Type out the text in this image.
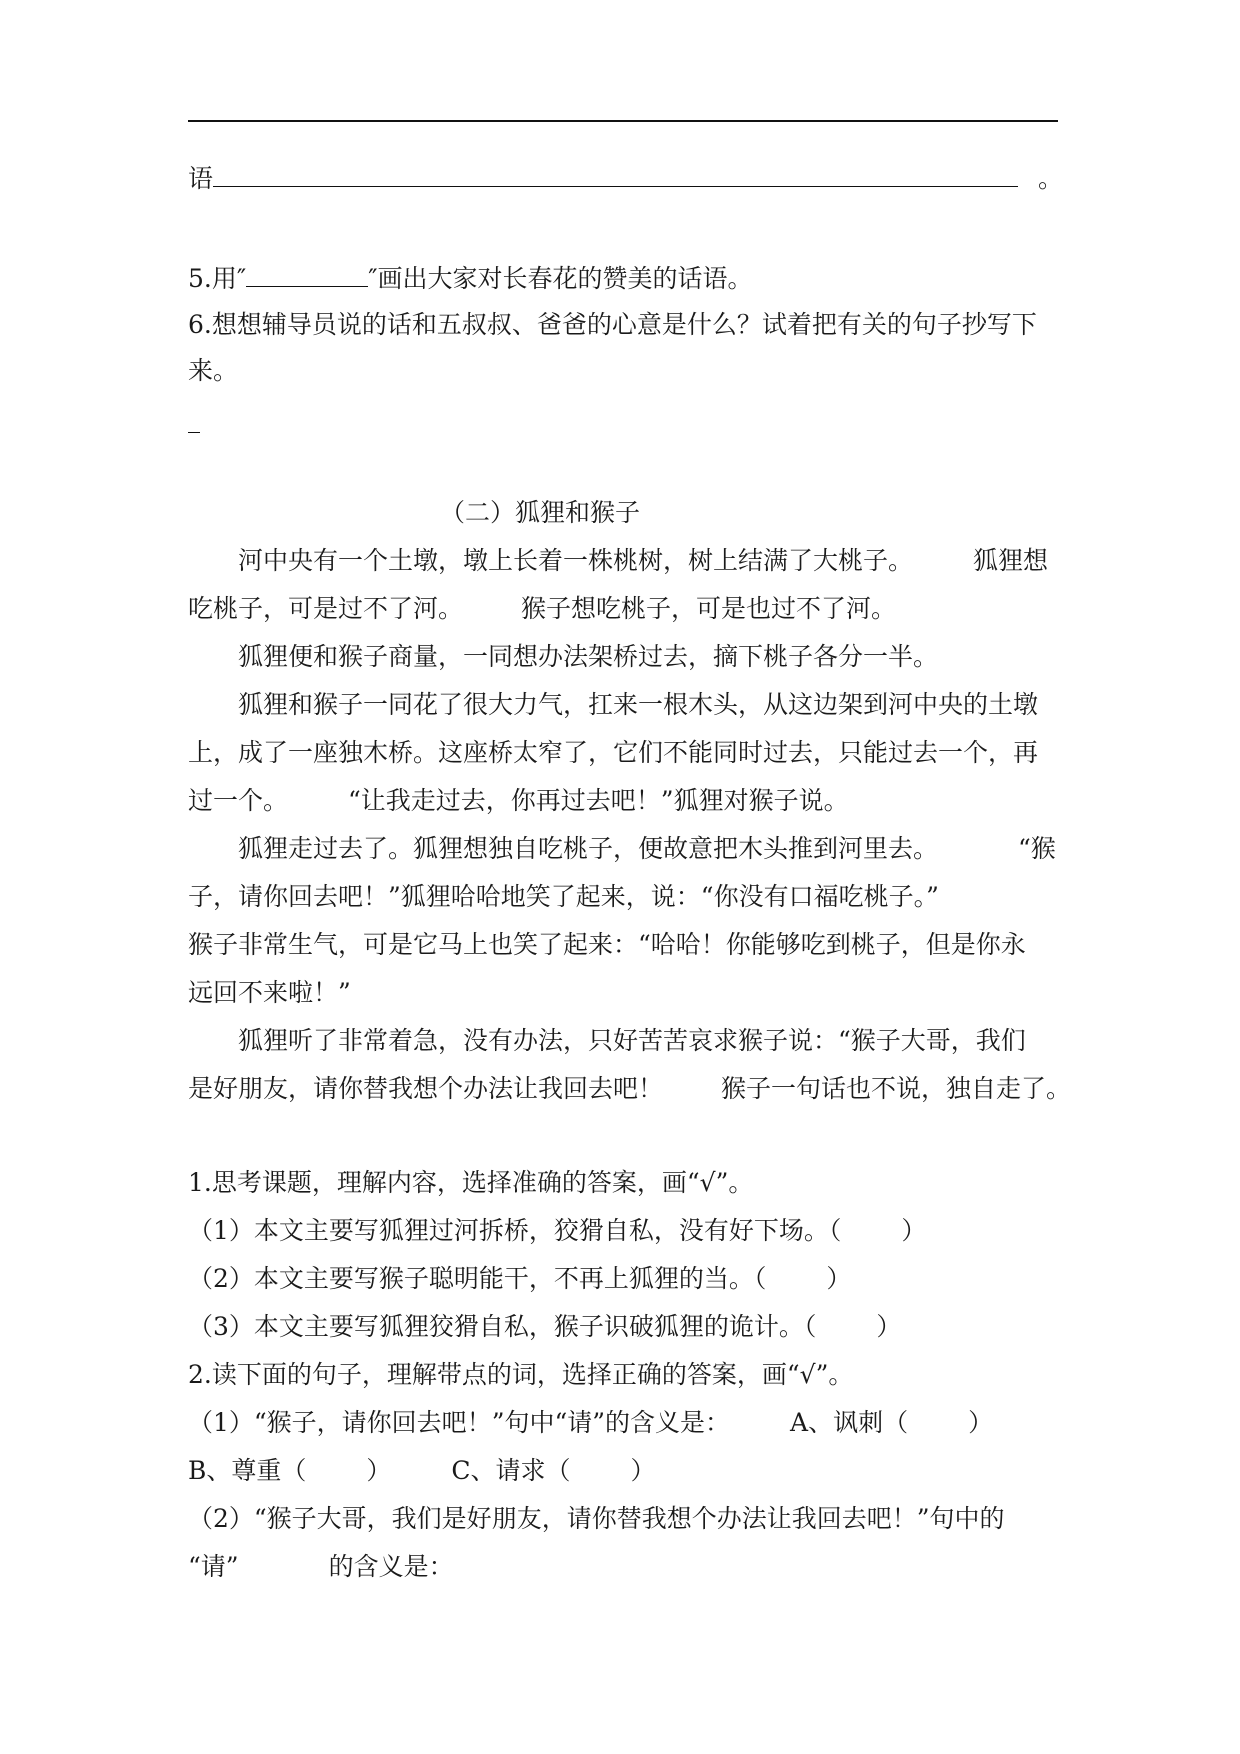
语	。
5.用″	″画出大家对长春花的赞美的话语。
6.想想辅导员说的话和五叔叔、爸爸的心意是什么？试着把有关的句子抄写下
来。
（二）狐狸和猴子
河中央有一个土墩，墩上长着一株桃树，树上结满了大桃子。 狐狸想
吃桃子，可是过不了河。 猴子想吃桃子，可是也过不了河。
狐狸便和猴子商量，一同想办法架桥过去，摘下桃子各分一半。
狐狸和猴子一同花了很大力气，扛来一根木头，从这边架到河中央的土墩
上，成了一座独木桥。这座桥太窄了，它们不能同时过去，只能过去一个，再
过一个。 “让我走过去，你再过去吧！”狐狸对猴子说。
狐狸走过去了。狐狸想独自吃桃子，便故意把木头推到河里去。	“猴
子，请你回去吧！”狐狸哈哈地笑了起来，说：“你没有口福吃桃子。”
猴子非常生气，可是它马上也笑了起来：“哈哈！你能够吃到桃子，但是你永
远回不来啦！”
狐狸听了非常着急，没有办法，只好苦苦哀求猴子说：“猴子大哥，我们
是好朋友，请你替我想个办法让我回去吧！ 猴子一句话也不说，独自走了。
1.思考课题，理解内容，选择准确的答案，画“√”。
（1）本文主要写狐狸过河拆桥，狡猾自私，没有好下场。（ ）
（2）本文主要写猴子聪明能干，不再上狐狸的当。（ ）
（3）本文主要写狐狸狡猾自私，猴子识破狐狸的诡计。（ ）
2.读下面的句子，理解带点的词，选择正确的答案，画“√”。
（1）“猴子，请你回去吧！”句中“请”的含义是： A、讽刺（ ）
B、尊重（ ） C、请求（ ）
（2）“猴子大哥，我们是好朋友，请你替我想个办法让我回去吧！”句中的
“请”	的含义是：
